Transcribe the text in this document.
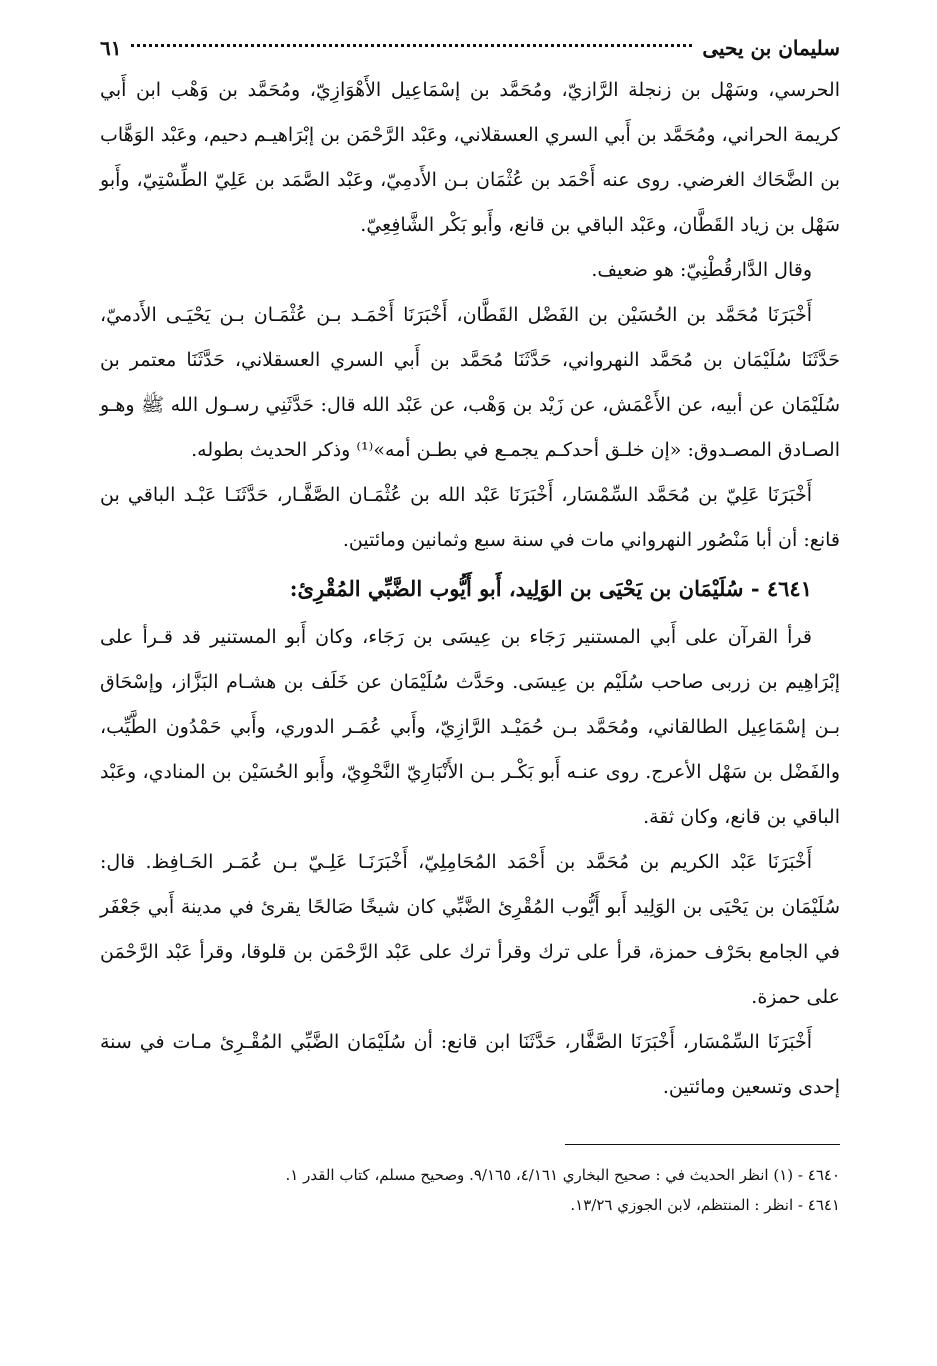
سليمان بن يحيى
٦١

الحرسي، وسَهْل بن زنجلة الرَّازيّ، ومُحَمَّد بن إسْمَاعِيل الأَهْوَازِيّ، ومُحَمَّد بن وَهْب ابن أَبي كريمة الحراني، ومُحَمَّد بن أَبي السري العسقلاني، وعَبْد الرَّحْمَن بن إبْرَاهيـم دحيم، وعَبْد الوَهَّاب بن الضَّحَاك الغرضي. روى عنه أَحْمَد بن عُثْمَان بـن الأَدمِيّ، وعَبْد الصَّمَد بن عَلِيّ الطِّسْتِيّ، وأَبو سَهْل بن زياد القَطَّان، وعَبْد الباقي بن قانع، وأَبو بَكْر الشَّافِعِيّ.

وقال الدَّارقُطْنِيّ: هو ضعيف.

أَخْبَرَنَا مُحَمَّد بن الحُسَيْن بن الفَضْل القَطَّان، أَخْبَرَنَا أَحْمَـد بـن عُثْمَـان بـن يَحْيَـى الأَدميّ، حَدَّثَنَا سُلَيْمَان بن مُحَمَّد النهرواني، حَدَّثَنَا مُحَمَّد بن أَبي السري العسقلاني، حَدَّثَنَا معتمر بن سُلَيْمَان عن أبيه، عن الأَعْمَش، عن زَيْد بن وَهْب، عن عَبْد الله قال: حَدَّثَنِي رسـول الله ﷺ وهـو الصـادق المصـدوق: «إن خلـق أحدكـم يجمـع في بطـن أمه»⁽¹⁾ وذكر الحديث بطوله.

أَخْبَرَنَا عَلِيّ بن مُحَمَّد السِّمْسَار، أَخْبَرَنَا عَبْد الله بن عُثْمَـان الصَّفَّـار، حَدَّثَنَـا عَبْـد الباقي بن قانع: أن أبا مَنْصُور النهرواني مات في سنة سبع وثمانين ومائتين.

٤٦٤١ - سُلَيْمَان بن يَحْيَى بن الوَلِيد، أَبو أَيُّوب الضَّبِّي المُقْرِئ:

قرأ القرآن على أَبي المستنير رَجَاء بن عِيسَى بن رَجَاء، وكان أَبو المستنير قد قـرأ على إبْرَاهِيم بن زربى صاحب سُلَيْم بن عِيسَى. وحَدَّث سُلَيْمَان عن خَلَف بن هشـام البَزَّاز، وإسْحَاق بـن إسْمَاعِيل الطالقاني، ومُحَمَّد بـن حُمَيْـد الرَّازِيّ، وأَبي عُمَـر الدوري، وأَبي حَمْدُون الطَّيِّب، والفَضْل بن سَهْل الأعرج. روى عنـه أَبو بَكْـر بـن الأَنْبَارِيّ النَّحْوِيّ، وأَبو الحُسَيْن بن المنادي، وعَبْد الباقي بن قانع، وكان ثقة.

أَخْبَرَنَا عَبْد الكريم بن مُحَمَّد بن أَحْمَد المُحَامِلِيّ، أَخْبَرَنَـا عَلِـيّ بـن عُمَـر الحَـافِظ. قال: سُلَيْمَان بن يَحْيَى بن الوَلِيد أَبو أَيُّوب المُقْرِئ الضَّبِّي كان شيخًا صَالحًا يقرئ في مدينة أَبي جَعْفَر في الجامع بحَرْف حمزة، قرأ على ترك وقرأ ترك على عَبْد الرَّحْمَن بن قلوقا، وقرأ عَبْد الرَّحْمَن على حمزة.

أَخْبَرَنَا السِّمْسَار، أَخْبَرَنَا الصَّفَّار، حَدَّثَنَا ابن قانع: أن سُلَيْمَان الضَّبِّي المُقْـرِئ مـات في سنة إحدى وتسعين ومائتين.

٤٦٤٠ - (١) انظر الحديث في : صحيح البخاري ٤/١٦١، ٩/١٦٥. وصحيح مسلم، كتاب القدر ١.

٤٦٤١ - انظر : المنتظم، لابن الجوزي ١٣/٢٦.
